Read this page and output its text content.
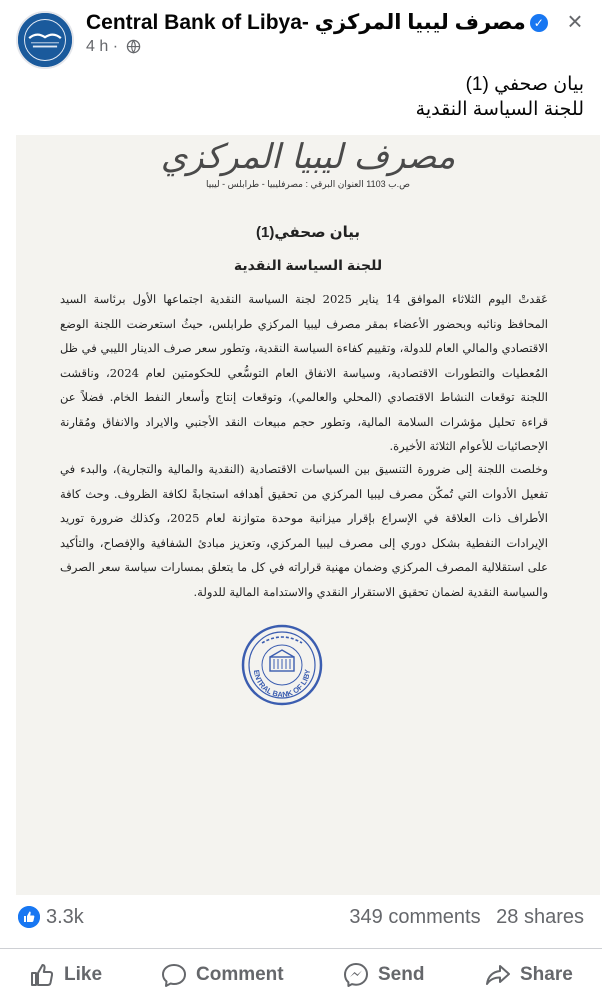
Central Bank of Libya- مصرف ليبيا المركزي ✓
4 h ·
×
بيان صحفي (1)
للجنة السياسة النقدية
مصرف ليبيا المركزي
ص.ب 1103 العنوان البرقي : مصرفليبيا - طرابلس - ليبيا
بيان صحفي(1)
للجنة السياسة النقدية
عَقدتْ اليوم الثلاثاء الموافق 14 يناير 2025 لجنة السياسة النقدية اجتماعها الأول برئاسة السيد المحافظ ونائبه وبحضور الأعضاء بمقر مصرف ليبيا المركزي طرابلس، حيثُ استعرضت اللجنة الوضع الاقتصادي والمالي العام للدولة، وتقييم كفاءة السياسة النقدية، وتطور سعر صرف الدينار الليبي في ظل المُعطيات والتطورات الاقتصادية، وسياسة الانفاق العام التوسُّعي للحكومتين لعام 2024، وناقشت اللجنة توقعات النشاط الاقتصادي (المحلي والعالمي)، وتوقعات إنتاج وأسعار النفط الخام. فضلاً عن قراءة تحليل مؤشرات السلامة المالية، وتطور حجم مبيعات النقد الأجنبي والايراد والانفاق ومُقارنة الإحصائيات للأعوام الثلاثة الأخيرة.
وخلصت اللجنة إلى ضرورة التنسيق بين السياسات الاقتصادية (النقدية والمالية والتجارية)، والبدء في تفعيل الأدوات التي تُمكّن مصرف ليبيا المركزي من تحقيق أهدافه استجابةً لكافة الظروف. وحث كافة الأطراف ذات العلاقة في الإسراع بإقرار ميزانية موحدة متوازنة لعام 2025، وكذلك ضرورة توريد الإيرادات النفطية بشكل دوري إلى مصرف ليبيا المركزي، وتعزيز مبادئ الشفافية والإفصاح، والتأكيد على استقلالية المصرف المركزي وضمان مهنية قراراته في كل ما يتعلق بمسارات سياسة سعر الصرف والسياسة النقدية لضمان تحقيق الاستقرار النقدي والاستدامة المالية للدولة.
ENTRAL BANK OF LIBY
3.3k	349 comments 28 shares
Like	Comment	Send	Share
